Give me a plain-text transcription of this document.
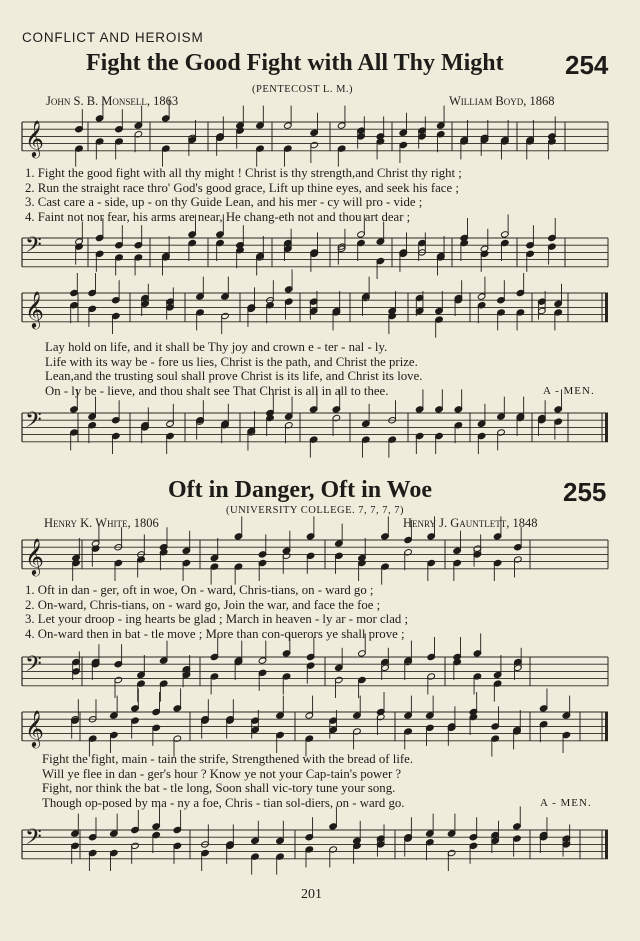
CONFLICT AND HEROISM
Fight the Good Fight with All Thy Might 254
(PENTECOST L. M.)
John S. B. Monsell, 1863	William Boyd, 1868
1. Fight the good fight with all thy might ! Christ is thy strength,and Christ thy right ;
2. Run the straight race thro' God's good grace, Lift up thine eyes, and seek his face ;
3. Cast care a - side, up - on thy Guide Lean, and his mer - cy will pro - vide ;
4. Faint not nor fear, his arms are near, He chang-eth not and thou art dear ;
Lay hold on life, and it shall be Thy joy and crown e - ter - nal - ly.
Life with its way be - fore us lies, Christ is the path, and Christ the prize.
Lean,and the trusting soul shall prove Christ is its life, and Christ its love.
On - ly be - lieve, and thou shalt see That Christ is all in all to thee.	A - MEN.
Oft in Danger, Oft in Woe	255
(UNIVERSITY COLLEGE. 7, 7, 7, 7)
Henry K. White, 1806	Henry J. Gauntlett, 1848
1. Oft in dan - ger, oft in woe, On - ward, Chris-tians, on - ward go ;
2. On-ward, Chris-tians, on - ward go, Join the war, and face the foe ;
3. Let your droop - ing hearts be glad ; March in heaven - ly ar - mor clad ;
4. On-ward then in bat - tle move ; More than con-querors ye shall prove ;
Fight the fight, main - tain the strife, Strengthened with the bread of life.
Will ye flee in dan - ger's hour ? Know ye not your Cap-tain's power ?
Fight, nor think the bat - tle long, Soon shall vic-tory tune your song.
Though op-posed by ma - ny a foe, Chris - tian sol-diers, on - ward go.	A - MEN.
201
𝄞
𝄢
𝄞
𝄢
𝄞
𝄢
𝄞
𝄢
